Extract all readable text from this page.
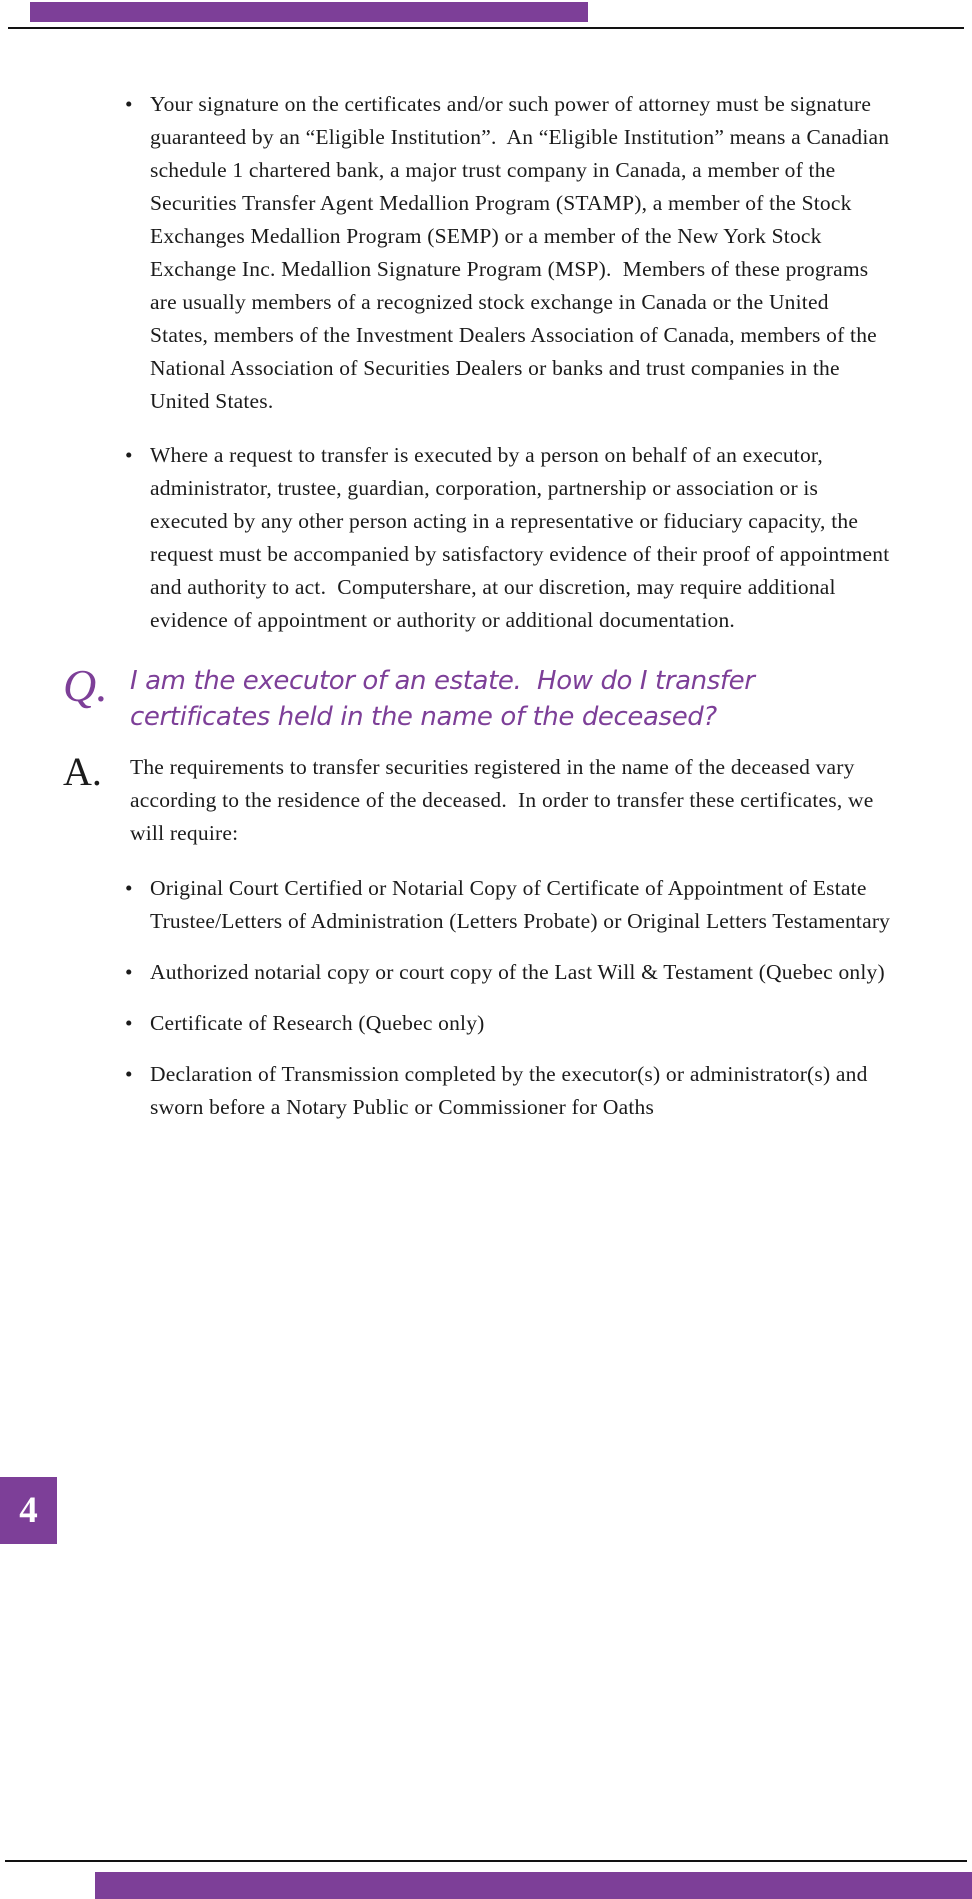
• Your signature on the certificates and/or such power of attorney must be signature guaranteed by an “Eligible Institution”.  An “Eligible Institution” means a Canadian schedule 1 chartered bank, a major trust company in Canada, a member of the Securities Transfer Agent Medallion Program (STAMP), a member of the Stock Exchanges Medallion Program (SEMP) or a member of the New York Stock Exchange Inc. Medallion Signature Program (MSP).  Members of these programs are usually members of a recognized stock exchange in Canada or the United States, members of the Investment Dealers Association of Canada, members of the National Association of Securities Dealers or banks and trust companies in the United States.
• Where a request to transfer is executed by a person on behalf of an executor, administrator, trustee, guardian, corporation, partnership or association or is executed by any other person acting in a representative or fiduciary capacity, the request must be accompanied by satisfactory evidence of their proof of appointment and authority to act.  Computershare, at our discretion, may require additional evidence of appointment or authority or additional documentation.
Q. I am the executor of an estate.  How do I transfer certificates held in the name of the deceased?
A.	The requirements to transfer securities registered in the name of the deceased vary according to the residence of the deceased.  In order to transfer these certificates, we will require:
• Original Court Certified or Notarial Copy of Certificate of Appointment of Estate Trustee/Letters of Administration (Letters Probate) or Original Letters Testamentary
• Authorized notarial copy or court copy of the Last Will & Testament (Quebec only)
• Certificate of Research (Quebec only)
• Declaration of Transmission completed by the executor(s) or administrator(s) and sworn before a Notary Public or Commissioner for Oaths
4
